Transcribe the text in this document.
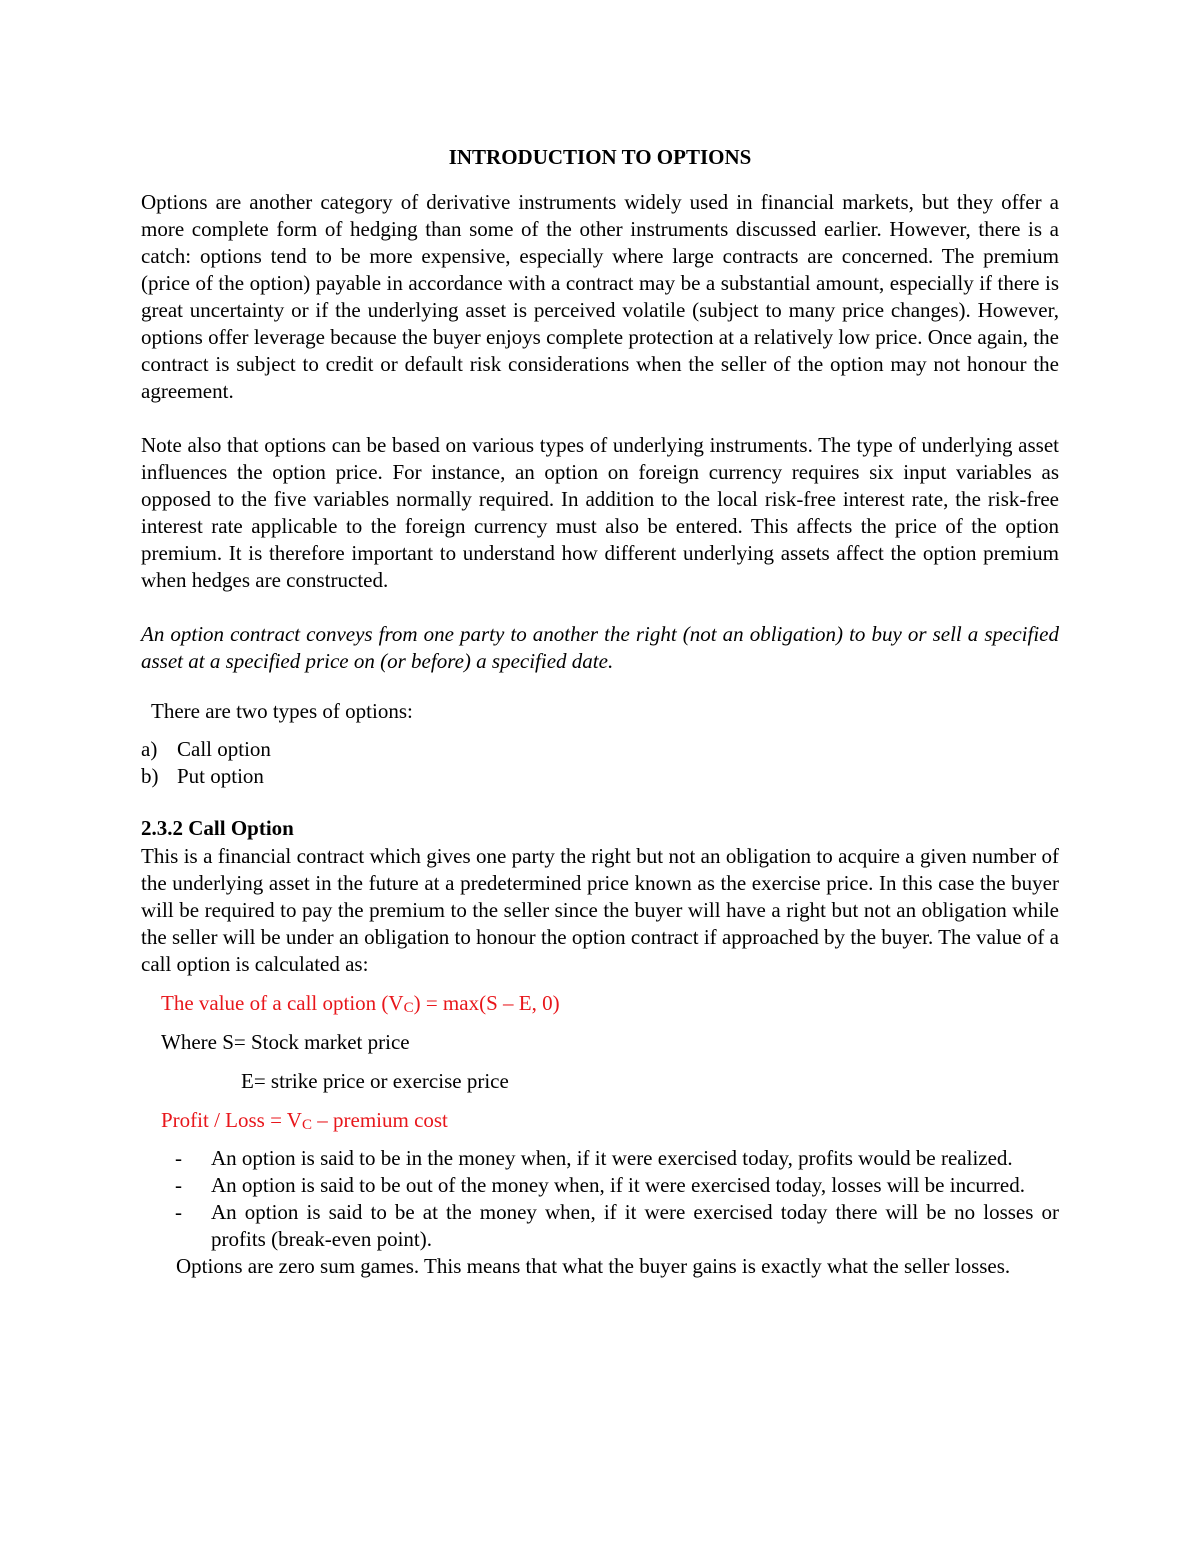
INTRODUCTION TO OPTIONS

Options are another category of derivative instruments widely used in financial markets, but they offer a more complete form of hedging than some of the other instruments discussed earlier. However, there is a catch: options tend to be more expensive, especially where large contracts are concerned. The premium (price of the option) payable in accordance with a contract may be a substantial amount, especially if there is great uncertainty or if the underlying asset is perceived volatile (subject to many price changes). However, options offer leverage because the buyer enjoys complete protection at a relatively low price. Once again, the contract is subject to credit or default risk considerations when the seller of the option may not honour the agreement.

Note also that options can be based on various types of underlying instruments. The type of underlying asset influences the option price. For instance, an option on foreign currency requires six input variables as opposed to the five variables normally required. In addition to the local risk-free interest rate, the risk-free interest rate applicable to the foreign currency must also be entered. This affects the price of the option premium. It is therefore important to understand how different underlying assets affect the option premium when hedges are constructed.

An option contract conveys from one party to another the right (not an obligation) to buy or sell a specified asset at a specified price on (or before) a specified date.

There are two types of options:
a) Call option
b) Put option
2.3.2 Call Option

This is a financial contract which gives one party the right but not an obligation to acquire a given number of the underlying asset in the future at a predetermined price known as the exercise price. In this case the buyer will be required to pay the premium to the seller since the buyer will have a right but not an obligation while the seller will be under an obligation to honour the option contract if approached by the buyer. The value of a call option is calculated as:

The value of a call option $(V_C) = \max(S - E$, 0)
Where S= Stock market price
E= strike price or exercise price
Profit / Loss = $V_C$ – premium cost
-	An option is said to be in the money when, if it were exercised today, profits would be realized.
-	An option is said to be out of the money when, if it were exercised today, losses will be incurred.
-	An option is said to be at the money when, if it were exercised today there will be no losses or profits (break-even point).

Options are zero sum games. This means that what the buyer gains is exactly what the seller losses.
